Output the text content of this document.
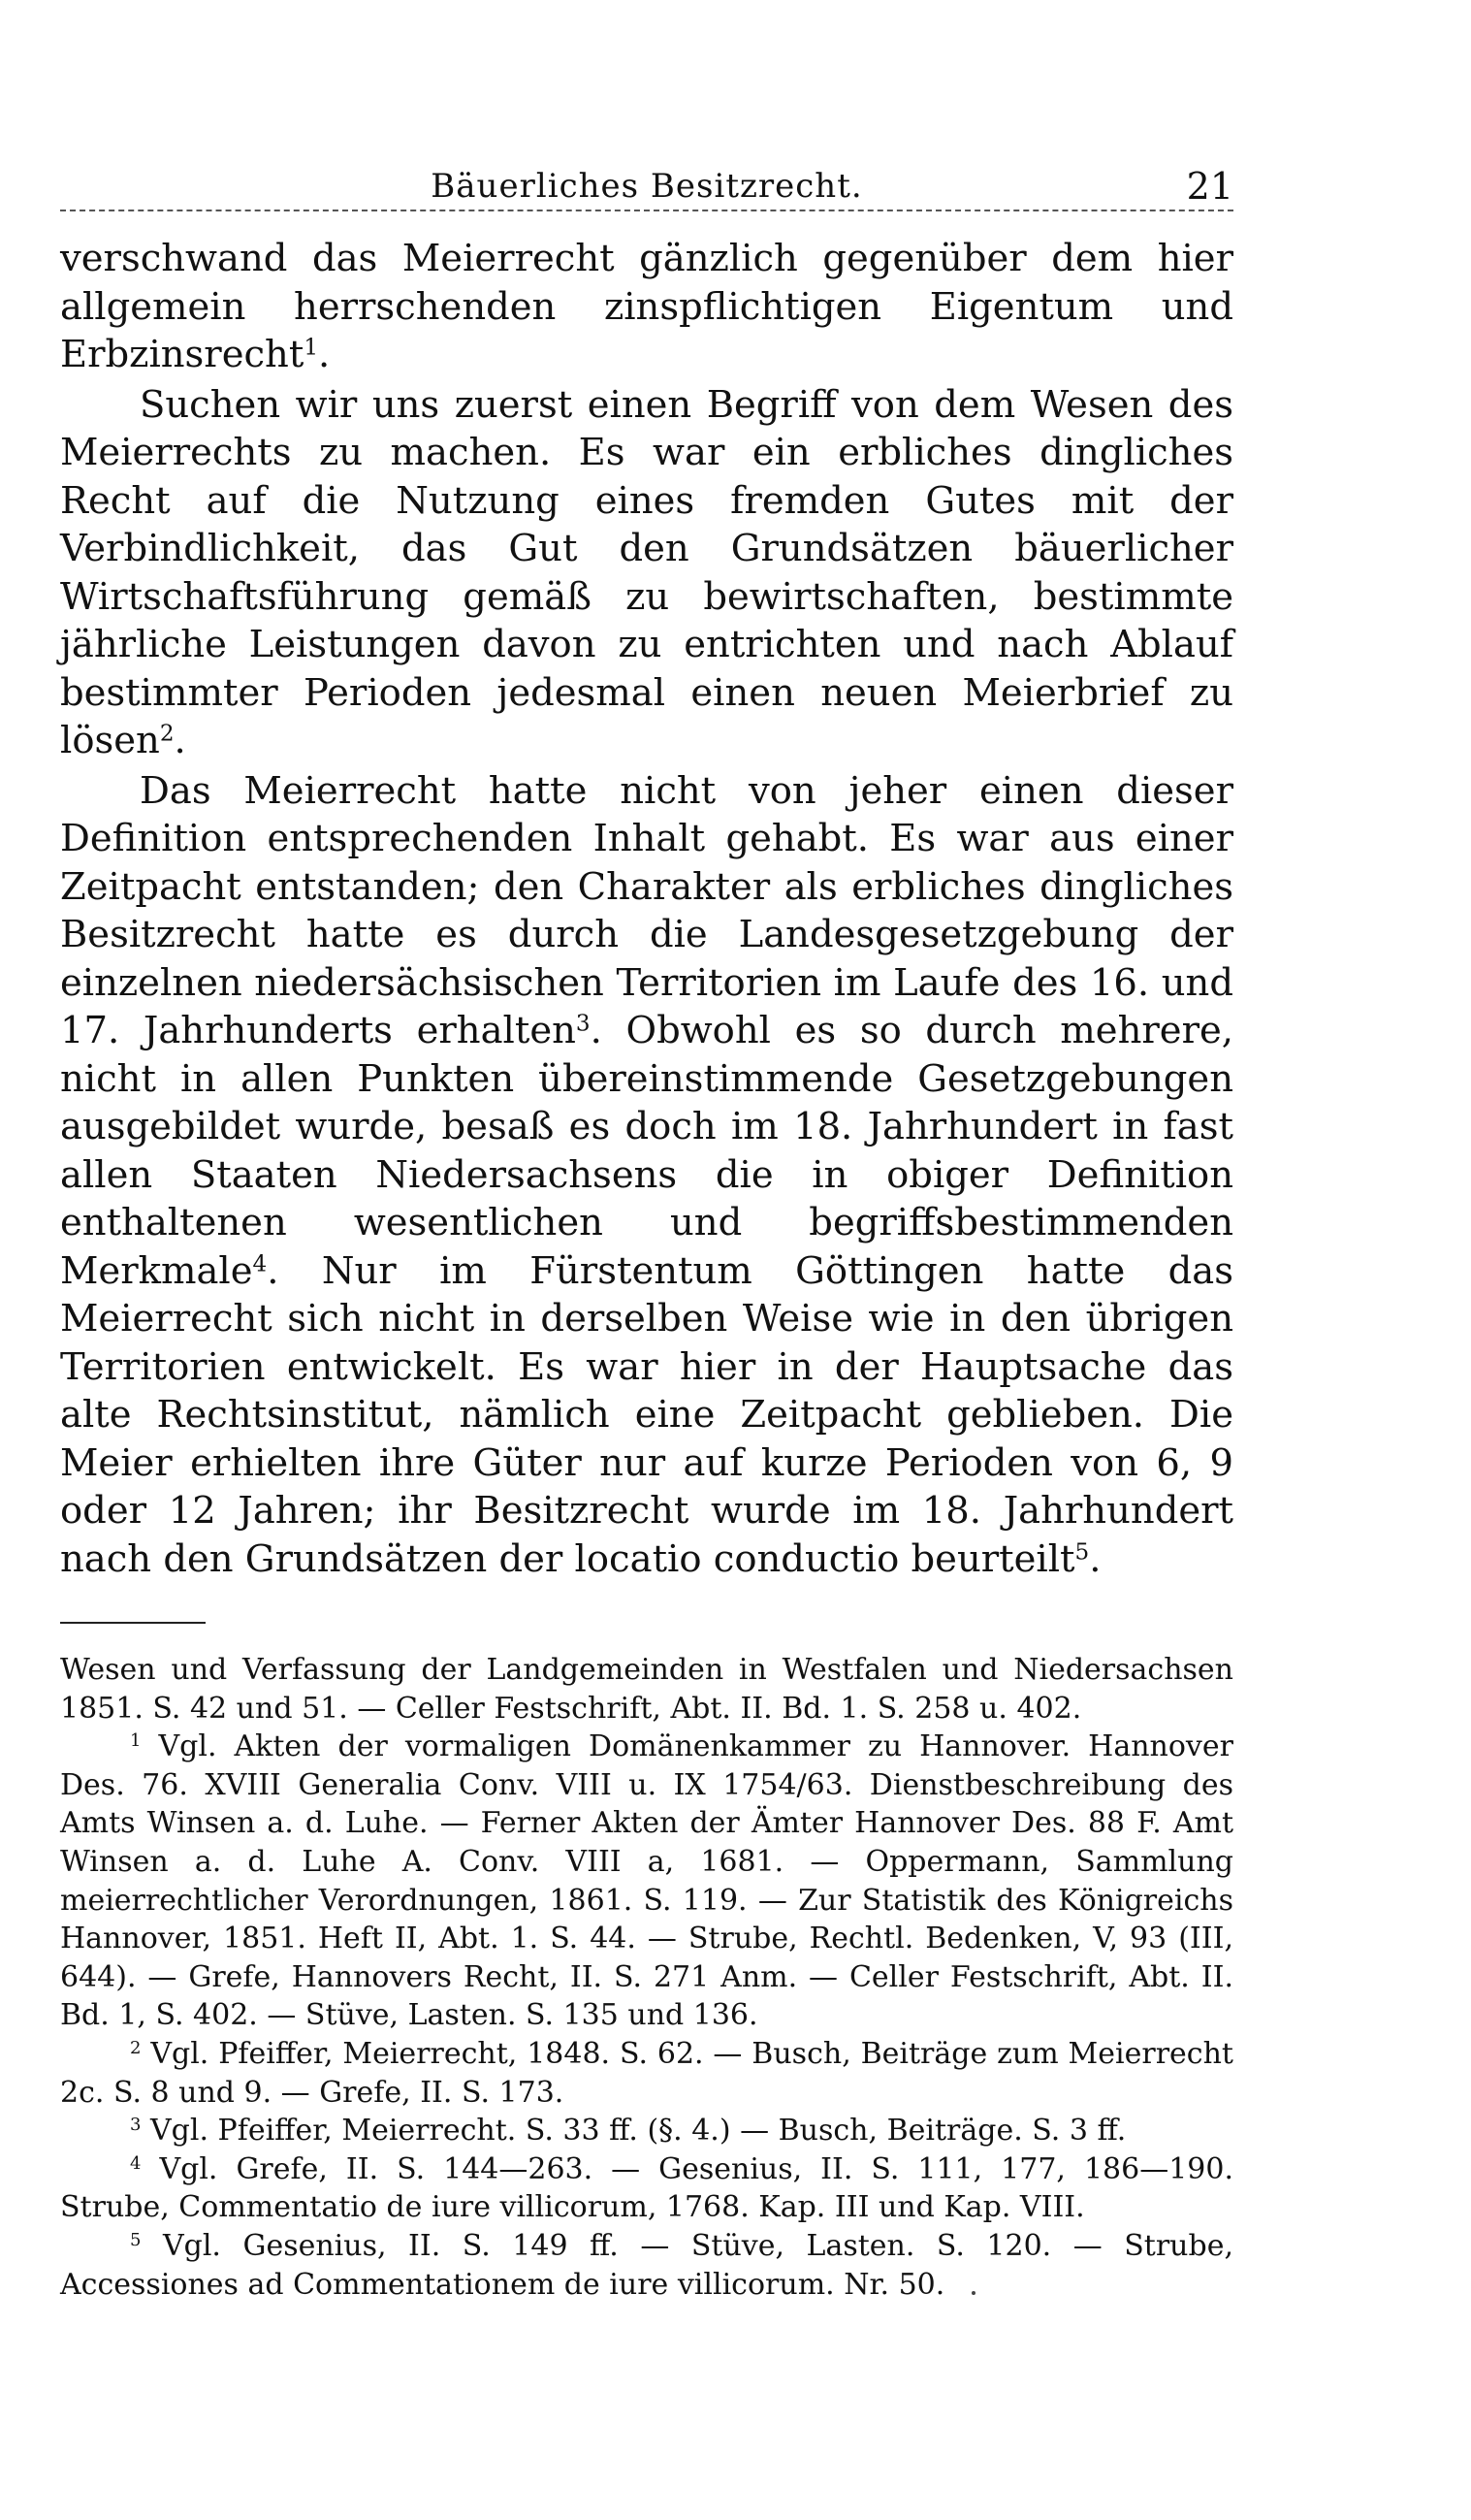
Bäuerliches Besitzrecht.	21

verschwand das Meierrecht gänzlich gegenüber dem hier allgemein herrschenden zinspflichtigen Eigentum und Erbzinsrecht$^1$.

Suchen wir uns zuerst einen Begriff von dem Wesen des Meierrechts zu machen. Es war ein erbliches dingliches Recht auf die Nutzung eines fremden Gutes mit der Verbindlichkeit, das Gut den Grundsätzen bäuerlicher Wirtschaftsführung gemäß zu bewirtschaften, bestimmte jährliche Leistungen davon zu entrichten und nach Ablauf bestimmter Perioden jedesmal einen neuen Meierbrief zu lösen$^2$.

Das Meierrecht hatte nicht von jeher einen dieser Definition entsprechenden Inhalt gehabt. Es war aus einer Zeitpacht entstanden; den Charakter als erbliches dingliches Besitzrecht hatte es durch die Landesgesetzgebung der einzelnen niedersächsischen Territorien im Laufe des 16. und 17. Jahrhunderts erhalten$^3$. Obwohl es so durch mehrere, nicht in allen Punkten übereinstimmende Gesetzgebungen ausgebildet wurde, besaß es doch im 18. Jahrhundert in fast allen Staaten Niedersachsens die in obiger Definition enthaltenen wesentlichen und begriffsbestimmenden Merkmale$^4$. Nur im Fürstentum Göttingen hatte das Meierrecht sich nicht in derselben Weise wie in den übrigen Territorien entwickelt. Es war hier in der Hauptsache das alte Rechtsinstitut, nämlich eine Zeitpacht geblieben. Die Meier erhielten ihre Güter nur auf kurze Perioden von 6, 9 oder 12 Jahren; ihr Besitzrecht wurde im 18. Jahrhundert nach den Grundsätzen der locatio conductio beurteilt$^5$.

Wesen und Verfassung der Landgemeinden in Westfalen und Niedersachsen 1851. S. 42 und 51. — Celler Festschrift, Abt. II. Bd. 1. S. 258 u. 402.

$^1$ Vgl. Akten der vormaligen Domänenkammer zu Hannover. Hannover Des. 76. XVIII Generalia Conv. VIII u. IX 1754/63. Dienstbeschreibung des Amts Winsen a. d. Luhe. — Ferner Akten der Ämter Hannover Des. 88 F. Amt Winsen a. d. Luhe A. Conv. VIII a, 1681. — Oppermann, Sammlung meierrechtlicher Verordnungen, 1861. S. 119. — Zur Statistik des Königreichs Hannover, 1851. Heft II, Abt. 1. S. 44. — Strube, Rechtl. Bedenken, V, 93 (III, 644). — Grefe, Hannovers Recht, II. S. 271 Anm. — Celler Festschrift, Abt. II. Bd. 1, S. 402. — Stüve, Lasten. S. 135 und 136.

$^2$ Vgl. Pfeiffer, Meierrecht, 1848. S. 62. — Busch, Beiträge zum Meierrecht 2c. S. 8 und 9. — Grefe, II. S. 173.

$^3$ Vgl. Pfeiffer, Meierrecht. S. 33 ff. (§. 4.) — Busch, Beiträge. S. 3 ff.

$^4$ Vgl. Grefe, II. S. 144—263. — Gesenius, II. S. 111, 177, 186—190. Strube, Commentatio de iure villicorum, 1768. Kap. III und Kap. VIII.

$^5$ Vgl. Gesenius, II. S. 149 ff. — Stüve, Lasten. S. 120. — Strube, Accessiones ad Commentationem de iure villicorum. Nr. 50.
